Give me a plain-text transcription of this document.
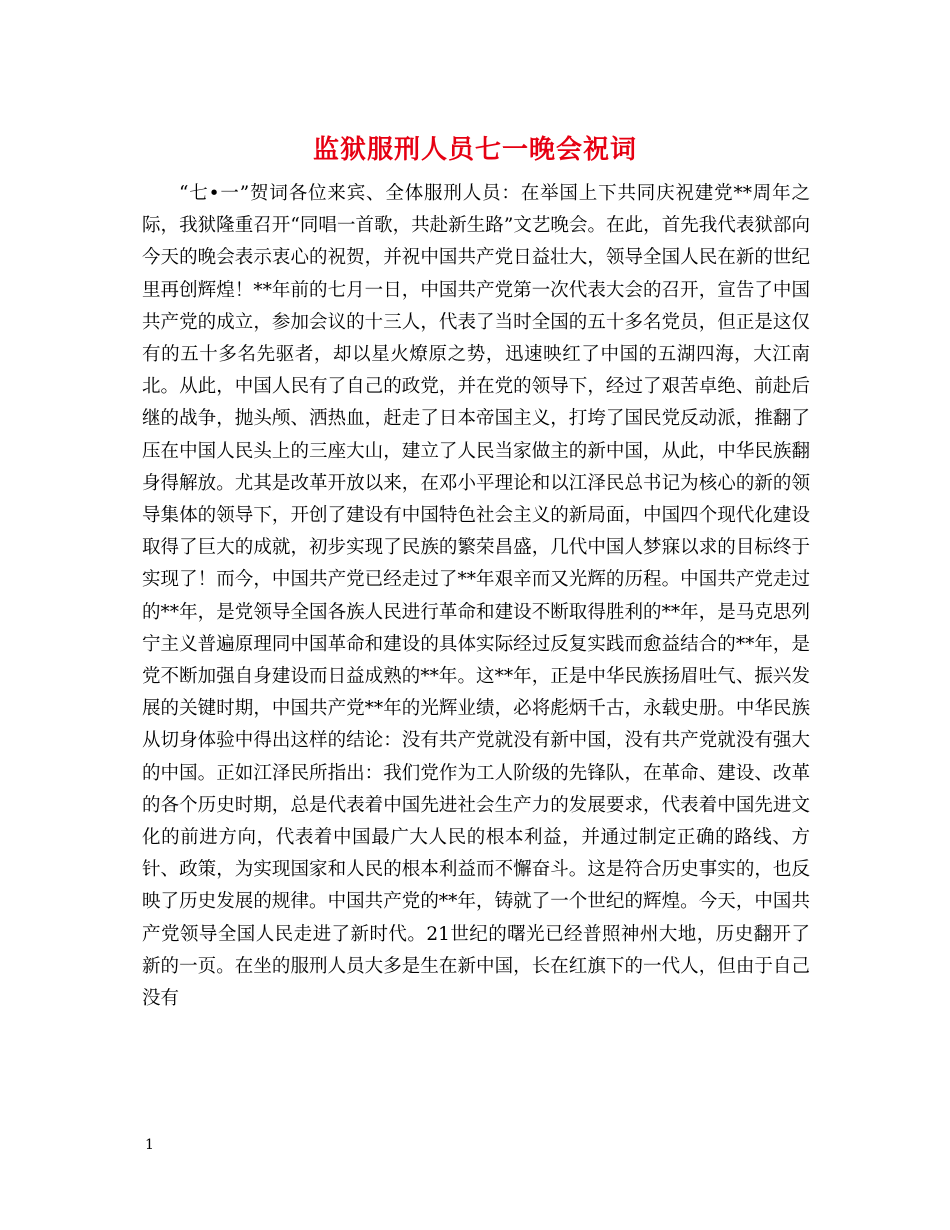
监狱服刑人员七一晚会祝词

“七•一”贺词各位来宾、全体服刑人员：在举国上下共同庆祝建党**周年之际，我狱隆重召开“同唱一首歌，共赴新生路”文艺晚会。在此，首先我代表狱部向今天的晚会表示衷心的祝贺，并祝中国共产党日益壮大，领导全国人民在新的世纪里再创辉煌！**年前的七月一日，中国共产党第一次代表大会的召开，宣告了中国共产党的成立，参加会议的十三人，代表了当时全国的五十多名党员，但正是这仅有的五十多名先驱者，却以星火燎原之势，迅速映红了中国的五湖四海，大江南北。从此，中国人民有了自己的政党，并在党的领导下，经过了艰苦卓绝、前赴后继的战争，抛头颅、洒热血，赶走了日本帝国主义，打垮了国民党反动派，推翻了压在中国人民头上的三座大山，建立了人民当家做主的新中国，从此，中华民族翻身得解放。尤其是改革开放以来，在邓小平理论和以江泽民总书记为核心的新的领导集体的领导下，开创了建设有中国特色社会主义的新局面，中国四个现代化建设取得了巨大的成就，初步实现了民族的繁荣昌盛，几代中国人梦寐以求的目标终于实现了！而今，中国共产党已经走过了**年艰辛而又光辉的历程。中国共产党走过的**年，是党领导全国各族人民进行革命和建设不断取得胜利的**年，是马克思列宁主义普遍原理同中国革命和建设的具体实际经过反复实践而愈益结合的**年，是党不断加强自身建设而日益成熟的**年。这**年，正是中华民族扬眉吐气、振兴发展的关键时期，中国共产党**年的光辉业绩，必将彪炳千古，永载史册。中华民族从切身体验中得出这样的结论：没有共产党就没有新中国，没有共产党就没有强大的中国。正如江泽民所指出：我们党作为工人阶级的先锋队，在革命、建设、改革的各个历史时期，总是代表着中国先进社会生产力的发展要求，代表着中国先进文化的前进方向，代表着中国最广大人民的根本利益，并通过制定正确的路线、方针、政策，为实现国家和人民的根本利益而不懈奋斗。这是符合历史事实的，也反映了历史发展的规律。中国共产党的**年，铸就了一个世纪的辉煌。今天，中国共产党领导全国人民走进了新时代。21世纪的曙光已经普照神州大地，历史翻开了新的一页。在坐的服刑人员大多是生在新中国，长在红旗下的一代人，但由于自己没有

1
